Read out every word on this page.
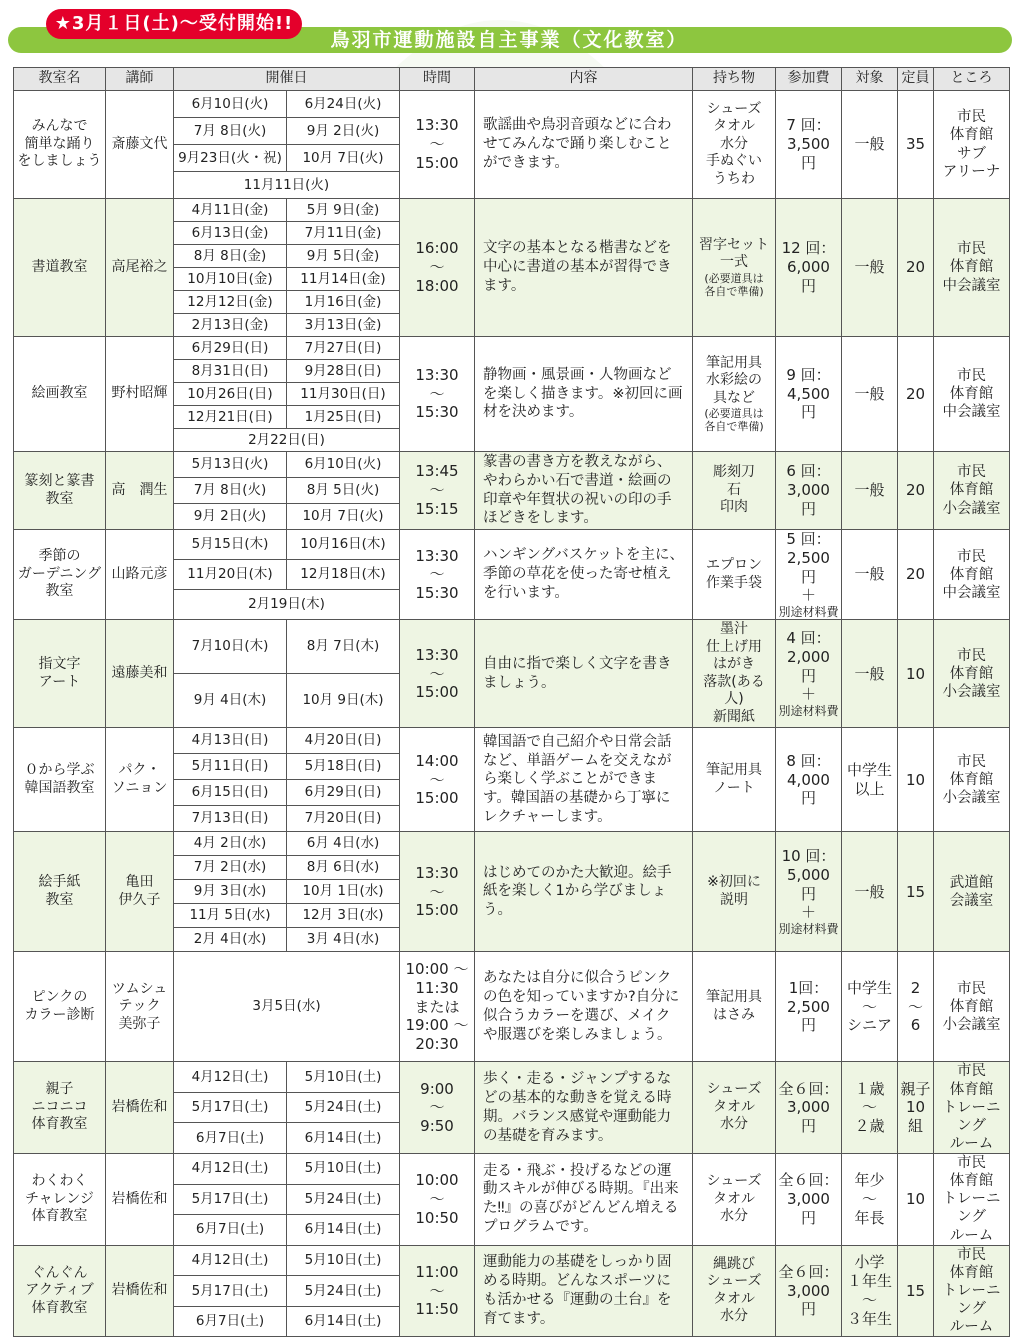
鳥羽市運動施設自主事業（文化教室）
★3月１日(土)〜受付開始!!
教室名	講師	開催日		時間	内容	持ち物	参加費	対象	定員	ところ
みんなで
簡単な踊り
をしましょう	斎藤文代	6月10日(火)	6月24日(火)	13:30
〜
15:00	歌謡曲や鳥羽音頭などに合わせてみんなで踊り楽しむことができます。	シューズ
タオル
水分
手ぬぐい
うちわ	7 回：
3,500 円	一般	35	市民
体育館
サブ
アリーナ
		7月 8日(火)	9月 2日(火)							
		9月23日(火・祝)	10月 7日(火)							
		11月11日(火)								
書道教室	高尾裕之	4月11日(金)	5月 9日(金)	16:00
〜
18:00	文字の基本となる楷書などを中心に書道の基本が習得できます。	習字セット
一式
(必要道具は
各自で準備)	12 回：
6,000 円	一般	20	市民
体育館
中会議室
		6月13日(金)	7月11日(金)							
		8月 8日(金)	9月 5日(金)							
		10月10日(金)	11月14日(金)							
		12月12日(金)	1月16日(金)							
		2月13日(金)	3月13日(金)							
絵画教室	野村昭輝	6月29日(日)	7月27日(日)	13:30
〜
15:30	静物画・風景画・人物画などを楽しく描きます。※初回に画材を決めます。	筆記用具
水彩絵の
具など
(必要道具は
各自で準備)	9 回：
4,500 円	一般	20	市民
体育館
中会議室
		8月31日(日)	9月28日(日)							
		10月26日(日)	11月30日(日)							
		12月21日(日)	1月25日(日)							
		2月22日(日)								
篆刻と篆書
教室	高　潤生	5月13日(火)	6月10日(火)	13:45
〜
15:15	篆書の書き方を教えながら、やわらかい石で書道・絵画の印章や年賀状の祝いの印の手ほどきをします。	彫刻刀
石
印肉	6 回：
3,000 円	一般	20	市民
体育館
小会議室
		7月 8日(火)	8月 5日(火)							
		9月 2日(火)	10月 7日(火)							
季節の
ガーデニング
教室	山路元彦	5月15日(木)	10月16日(木)	13:30
〜
15:30	ハンギングバスケットを主に、季節の草花を使った寄せ植えを行います。	エプロン
作業手袋	5 回：
2,500 円
＋
別途材料費	一般	20	市民
体育館
中会議室
		11月20日(木)	12月18日(木)							
		2月19日(木)								
指文字
アート	遠藤美和	7月10日(木)	8月 7日(木)	13:30
〜
15:00	自由に指で楽しく文字を書きましょう。	墨汁
仕上げ用
はがき
落款(ある人)
新聞紙	4 回：
2,000 円
＋
別途材料費	一般	10	市民
体育館
小会議室
		9月 4日(木)	10月 9日(木)							
０から学ぶ
韓国語教室	パク・
ソニョン	4月13日(日)	4月20日(日)	14:00
〜
15:00	韓国語で自己紹介や日常会話など、単語ゲームを交えながら楽しく学ぶことができます。韓国語の基礎から丁寧にレクチャーします。	筆記用具
ノート	8 回：
4,000 円	中学生
以上	10	市民
体育館
小会議室
		5月11日(日)	5月18日(日)							
		6月15日(日)	6月29日(日)							
		7月13日(日)	7月20日(日)							
絵手紙
教室	亀田
伊久子	4月 2日(水)	6月 4日(水)	13:30
〜
15:00	はじめてのかた大歓迎。絵手紙を楽しく1から学びましょう。	※初回に
説明	10 回：
5,000 円
＋
別途材料費	一般	15	武道館
会議室
		7月 2日(水)	8月 6日(水)							
		9月 3日(水)	10月 1日(水)							
		11月 5日(水)	12月 3日(水)							
		2月 4日(水)	3月 4日(水)							
ピンクの
カラー診断	ツムシュ
テック
美弥子	3月5日(水)		10:00 〜
11:30
または
19:00 〜
20:30	あなたは自分に似合うピンクの色を知っていますか?自分に似合うカラーを選び、メイクや服選びを楽しみましょう。	筆記用具
はさみ	1回：
2,500 円	中学生
〜
シニア	2
〜
6	市民
体育館
小会議室
親子
ニコニコ
体育教室	岩橋佐和	4月12日(土)	5月10日(土)	9:00
〜
9:50	歩く・走る・ジャンプするなどの基本的な動きを覚える時期。バランス感覚や運動能力の基礎を育みます。	シューズ
タオル
水分	全６回：
3,000 円	１歳
〜
２歳	親子
10
組	市民
体育館
トレーニング
ルーム
		5月17日(土)	5月24日(土)							
		6月7日(土)	6月14日(土)							
わくわく
チャレンジ
体育教室	岩橋佐和	4月12日(土)	5月10日(土)	10:00
〜
10:50	走る・飛ぶ・投げるなどの運動スキルが伸びる時期。『出来た‼』の喜びがどんどん増えるプログラムです。	シューズ
タオル
水分	全６回：
3,000 円	年少
〜
年長	10	市民
体育館
トレーニング
ルーム
		5月17日(土)	5月24日(土)							
		6月7日(土)	6月14日(土)							
ぐんぐん
アクティブ
体育教室	岩橋佐和	4月12日(土)	5月10日(土)	11:00
〜
11:50	運動能力の基礎をしっかり固める時期。どんなスポーツにも活かせる『運動の土台』を育てます。	縄跳び
シューズ
タオル
水分	全６回：
3,000 円	小学
１年生
〜
３年生	15	市民
体育館
トレーニング
ルーム
		5月17日(土)	5月24日(土)							
		6月7日(土)	6月14日(土)							
